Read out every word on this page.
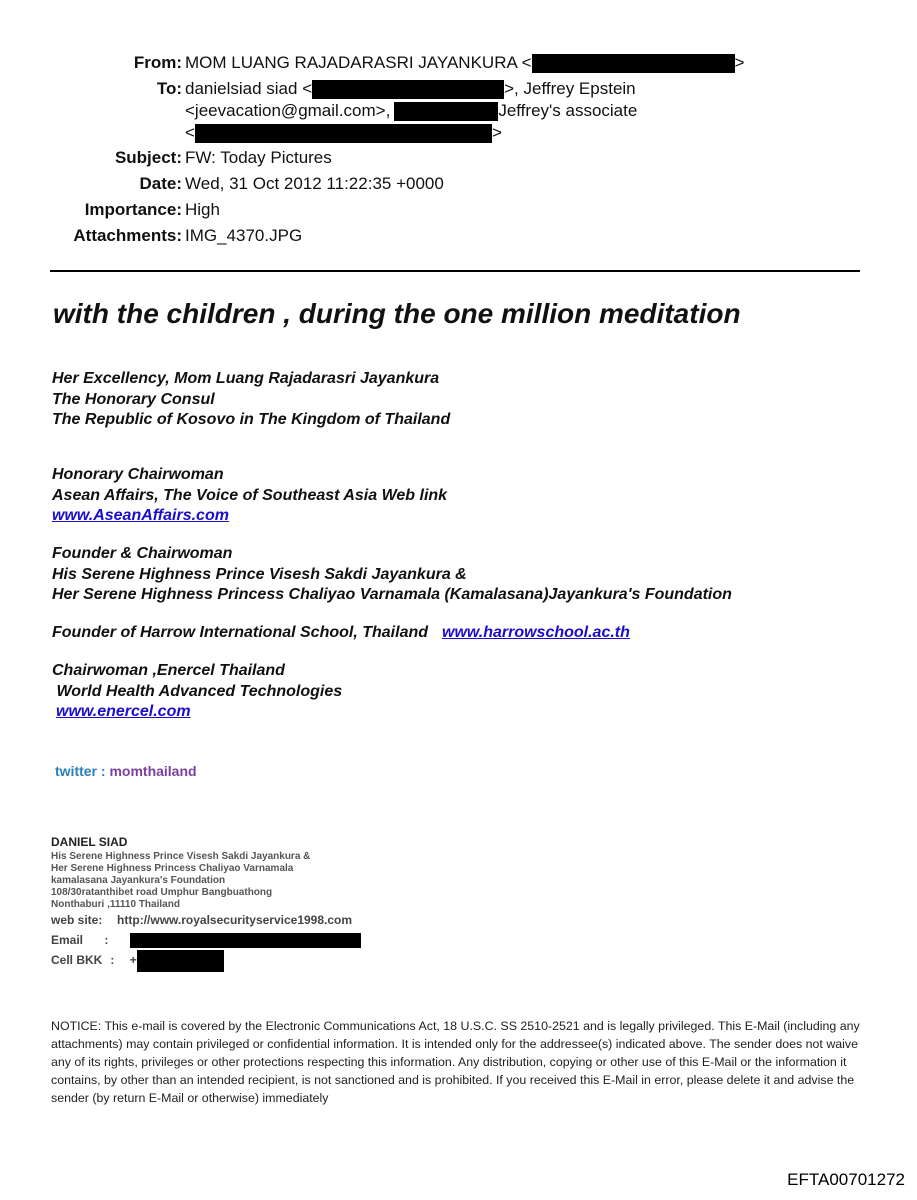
From: MOM LUANG RAJADARASRI JAYANKURA <	>
To: danielsiad siad <	>, Jeffrey Epstein
<jeevacation@gmail.com>,	Jeffrey's associate
<	>
Subject: FW: Today Pictures
Date: Wed, 31 Oct 2012 11:22:35 +0000
Importance: High
Attachments: IMG_4370.JPG
with the children , during the one million meditation
Her Excellency, Mom Luang Rajadarasri Jayankura
The Honorary Consul
The Republic of Kosovo in The Kingdom of Thailand
Honorary Chairwoman
Asean Affairs, The Voice of Southeast Asia Web link
www.AseanAffairs.com
Founder & Chairwoman
His Serene Highness Prince Visesh Sakdi Jayankura &
Her Serene Highness Princess Chaliyao Varnamala (Kamalasana)Jayankura's Foundation
Founder of Harrow International School, Thailand www.harrowschool.ac.th
Chairwoman ,Enercel Thailand
World Health Advanced Technologies
www.enercel.com
twitter : momthailand
DANIEL SIAD
His Serene Highness Prince Visesh Sakdi Jayankura &
Her Serene Highness Princess Chaliyao Varnamala
kamalasana Jayankura's Foundation
108/30ratanthibet road Umphur Bangbuathong
Nonthaburi ,11110 Thailand
web site: http://www.royalsecurityservice1998.com
Email :
Cell BKK : +
NOTICE: This e-mail is covered by the Electronic Communications Act, 18 U.S.C. SS 2510-2521 and is legally privileged. This E-Mail (including any attachments) may contain privileged or confidential information. It is intended only for the addressee(s) indicated above. The sender does not waive any of its rights, privileges or other protections respecting this information. Any distribution, copying or other use of this E-Mail or the information it contains, by other than an intended recipient, is not sanctioned and is prohibited. If you received this E-Mail in error, please delete it and advise the sender (by return E-Mail or otherwise) immediately
EFTA00701272
